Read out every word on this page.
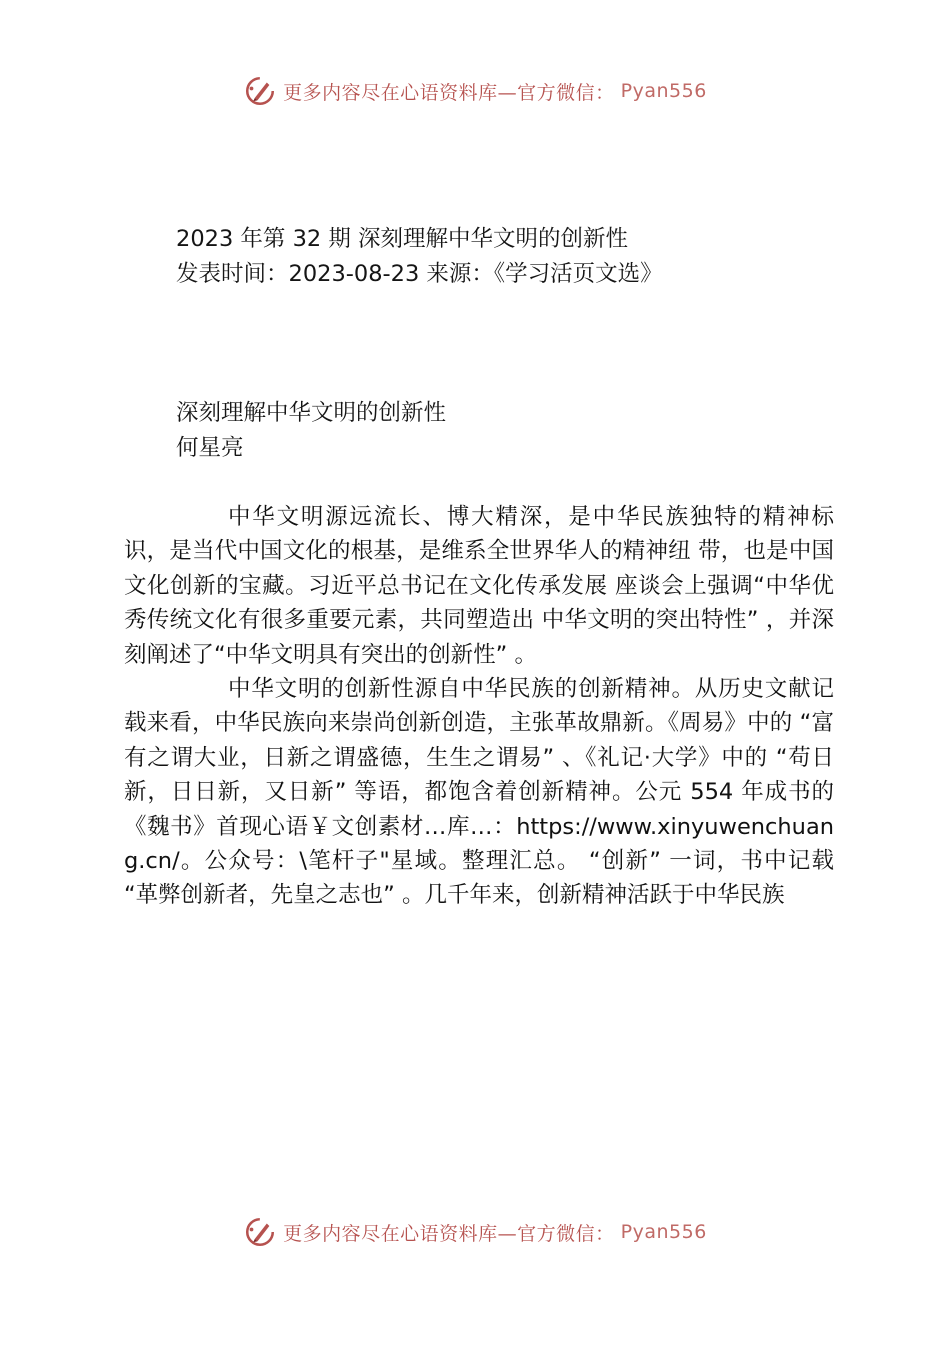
更多内容尽在心语资料库—官方微信： Pyan556
2023 年第 32 期 深刻理解中华文明的创新性
发表时间：2023-08-23 来源：《学习活页文选》
深刻理解中华文明的创新性
何星亮

中华文明源远流长、博大精深，是中华民族独特的精神标识，是当代中国文化的根基，是维系全世界华人的精神纽 带，也是中国文化创新的宝藏。习近平总书记在文化传承发展 座谈会上强调“中华优秀传统文化有很多重要元素，共同塑造出 中华文明的突出特性” ，并深刻阐述了“中华文明具有突出的创新性” 。

中华文明的创新性源自中华民族的创新精神。从历史文献记载来看，中华民族向来崇尚创新创造，主张革故鼎新。《周易》中的 “富有之谓大业，日新之谓盛德，生生之谓易” 、《礼记·大学》中的 “苟日新，日日新，又日新” 等语，都饱含着创新精神。公元 554 年成书的《魏书》首现心语￥文创素材…库…：https://www.xinyuwenchuang.cn/。公众号：\笔杆子"星域。整理汇总。 “创新” 一词，书中记载 “革弊创新者，先皇之志也” 。几千年来，创新精神活跃于中华民族

更多内容尽在心语资料库—官方微信： Pyan556
